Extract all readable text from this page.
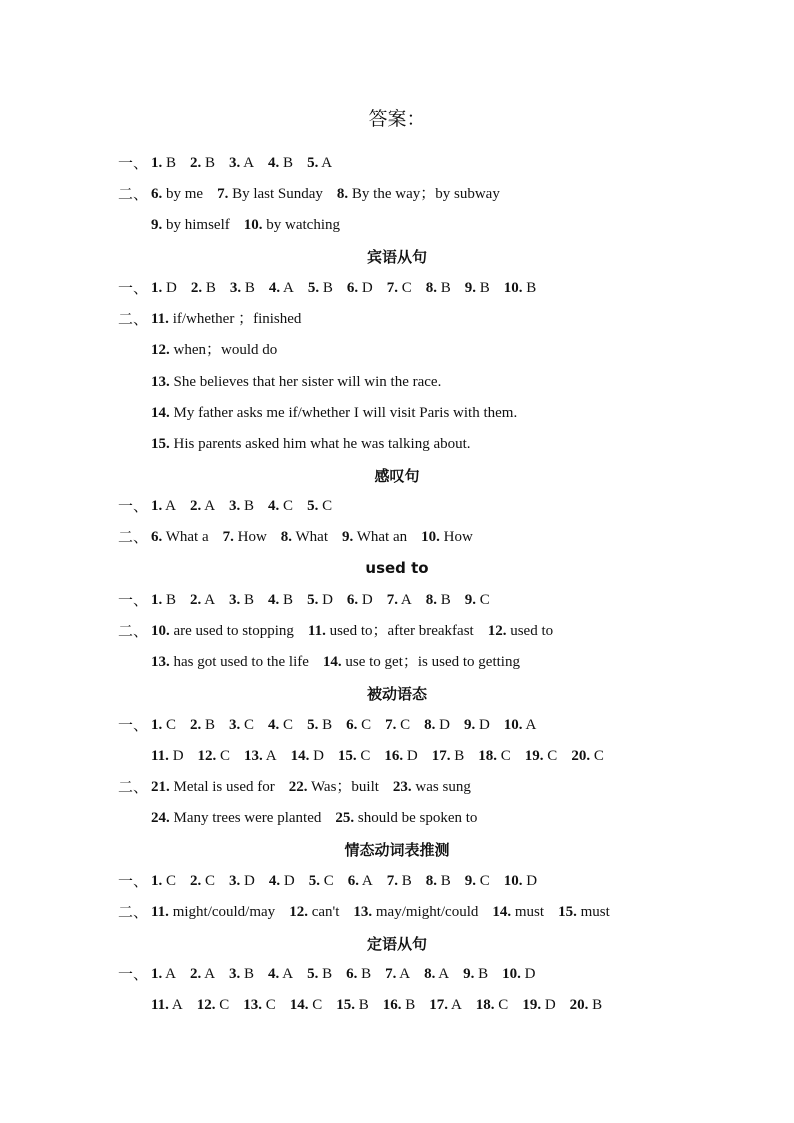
答案：
一、 1. B 2. B 3. A 4. B 5. A
二、 6. by me 7. By last Sunday 8. By the way；by subway
9. by himself 10. by watching
宾语从句
一、 1. D 2. B 3. B 4. A 5. B 6. D 7. C 8. B 9. B 10. B
二、 11. if/whether ；finished
12. when；would do
13. She believes that her sister will win the race.
14. My father asks me if/whether I will visit Paris with them.
15. His parents asked him what he was talking about.
感叹句
一、 1. A 2. A 3. B 4. C 5. C
二、 6. What a 7. How 8. What 9. What an 10. How
used to
一、 1. B 2. A 3. B 4. B 5. D 6. D 7. A 8. B 9. C
二、 10. are used to stopping 11. used to；after breakfast 12. used to
13. has got used to the life 14. use to get；is used to getting
被动语态
一、 1. C 2. B 3. C 4. C 5. B 6. C 7. C 8. D 9. D 10. A
11. D 12. C 13. A 14. D 15. C 16. D 17. B 18. C 19. C 20. C
二、 21. Metal is used for 22. Was；built 23. was sung
24. Many trees were planted 25. should be spoken to
情态动词表推测
一、 1. C 2. C 3. D 4. D 5. C 6. A 7. B 8. B 9. C 10. D
二、 11. might/could/may 12. can't 13. may/might/could 14. must 15. must
定语从句
一、 1. A 2. A 3. B 4. A 5. B 6. B 7. A 8. A 9. B 10. D
11. A 12. C 13. C 14. C 15. B 16. B 17. A 18. C 19. D 20. B
